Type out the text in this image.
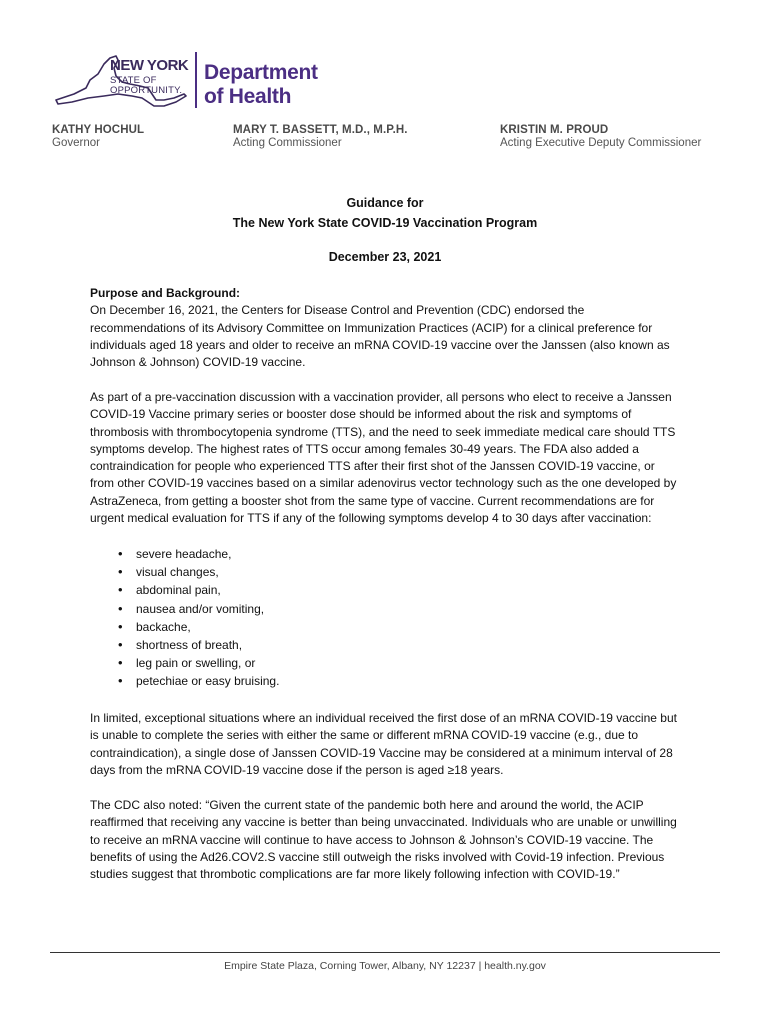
NEW YORK
STATE OF
OPPORTUNITY.
Department
of Health
KATHY HOCHUL
Governor
MARY T. BASSETT, M.D., M.P.H.
Acting Commissioner
KRISTIN M. PROUD
Acting Executive Deputy Commissioner
Guidance for
The New York State COVID-19 Vaccination Program
December 23, 2021
Purpose and Background:
On December 16, 2021, the Centers for Disease Control and Prevention (CDC) endorsed the recommendations of its Advisory Committee on Immunization Practices (ACIP) for a clinical preference for individuals aged 18 years and older to receive an mRNA COVID-19 vaccine over the Janssen (also known as Johnson & Johnson) COVID-19 vaccine.
As part of a pre-vaccination discussion with a vaccination provider, all persons who elect to receive a Janssen COVID-19 Vaccine primary series or booster dose should be informed about the risk and symptoms of thrombosis with thrombocytopenia syndrome (TTS), and the need to seek immediate medical care should TTS symptoms develop. The highest rates of TTS occur among females 30-49 years. The FDA also added a contraindication for people who experienced TTS after their first shot of the Janssen COVID-19 vaccine, or from other COVID-19 vaccines based on a similar adenovirus vector technology such as the one developed by AstraZeneca, from getting a booster shot from the same type of vaccine. Current recommendations are for urgent medical evaluation for TTS if any of the following symptoms develop 4 to 30 days after vaccination:
• severe headache,
• visual changes,
• abdominal pain,
• nausea and/or vomiting,
• backache,
• shortness of breath,
• leg pain or swelling, or
• petechiae or easy bruising.
In limited, exceptional situations where an individual received the first dose of an mRNA COVID-19 vaccine but is unable to complete the series with either the same or different mRNA COVID-19 vaccine (e.g., due to contraindication), a single dose of Janssen COVID-19 Vaccine may be considered at a minimum interval of 28 days from the mRNA COVID-19 vaccine dose if the person is aged ≥18 years.
The CDC also noted: “Given the current state of the pandemic both here and around the world, the ACIP reaffirmed that receiving any vaccine is better than being unvaccinated. Individuals who are unable or unwilling to receive an mRNA vaccine will continue to have access to Johnson & Johnson’s COVID-19 vaccine. The benefits of using the Ad26.COV2.S vaccine still outweigh the risks involved with Covid-19 infection. Previous studies suggest that thrombotic complications are far more likely following infection with COVID-19.”
Empire State Plaza, Corning Tower, Albany, NY 12237 | health.ny.gov
